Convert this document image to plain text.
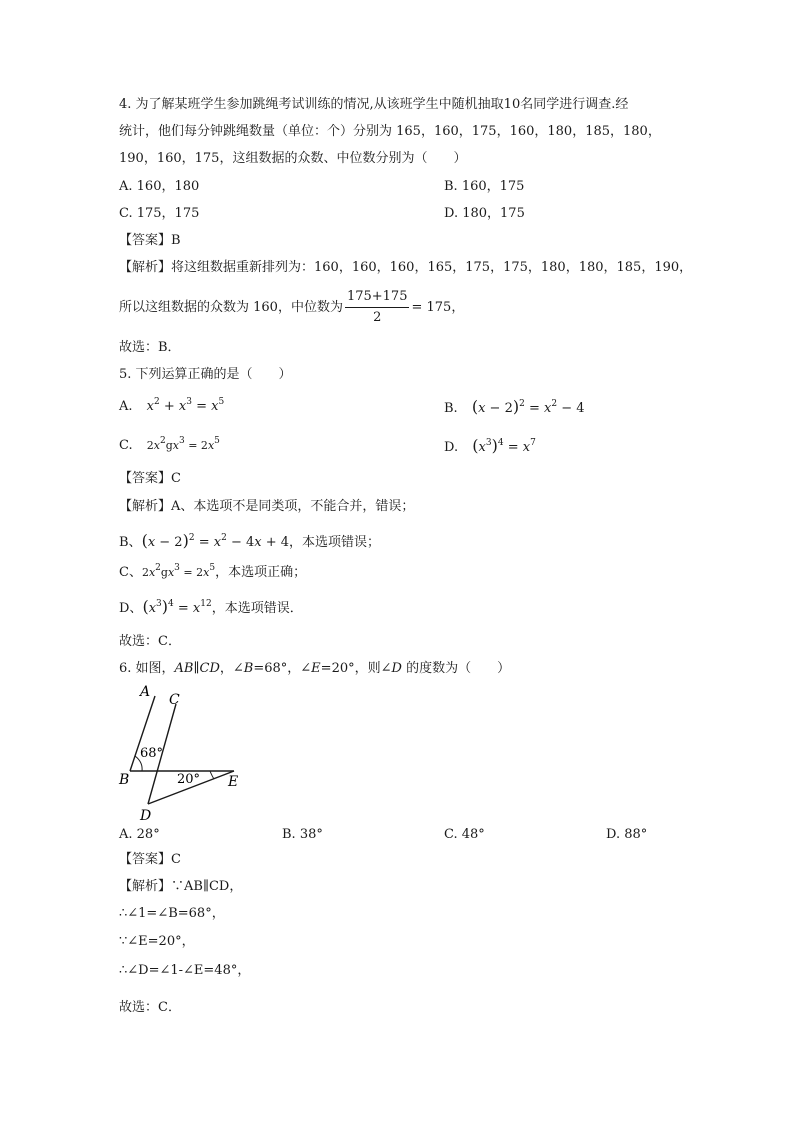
4. 为了解某班学生参加跳绳考试训练的情况,从该班学生中随机抽取10名同学进行调查.经
统计，他们每分钟跳绳数量（单位：个）分别为 165，160，175，160，180，185，180，
190，160，175，这组数据的众数、中位数分别为（　　）
A. 160，180	B. 160，175
C. 175，175	D. 180，175
【答案】B
【解析】将这组数据重新排列为：160，160，160，165，175，175，180，180，185，190，
所以这组数据的众数为 160，中位数为 $\frac{175+175}{2} = 175$，
故选：B．
5. 下列运算正确的是（　　）
A. $x^2 + x^3 = x^5$	B. $(x - 2)^2 = x^2 - 4$
C. $2x^2gx^3 = 2x^5$	D. $(x^3)^4 = x^7$
【答案】C
【解析】A、本选项不是同类项，不能合并，错误；
B、$(x - 2)^2 = x^2 - 4x + 4$，本选项错误；
C、$2x^2gx^3 = 2x^5$，本选项正确；
D、$(x^3)^4 = x^{12}$，本选项错误．
故选：C．
6. 如图，AB∥CD，∠B=68°，∠E=20°，则∠D 的度数为（　　）
A C
B	E
D
68°
20°
A. 28°	B. 38°	C. 48°	D. 88°
【答案】C
【解析】∵AB∥CD，
∴∠1=∠B=68°，
∵∠E=20°，
∴∠D=∠1-∠E=48°，
故选：C．
